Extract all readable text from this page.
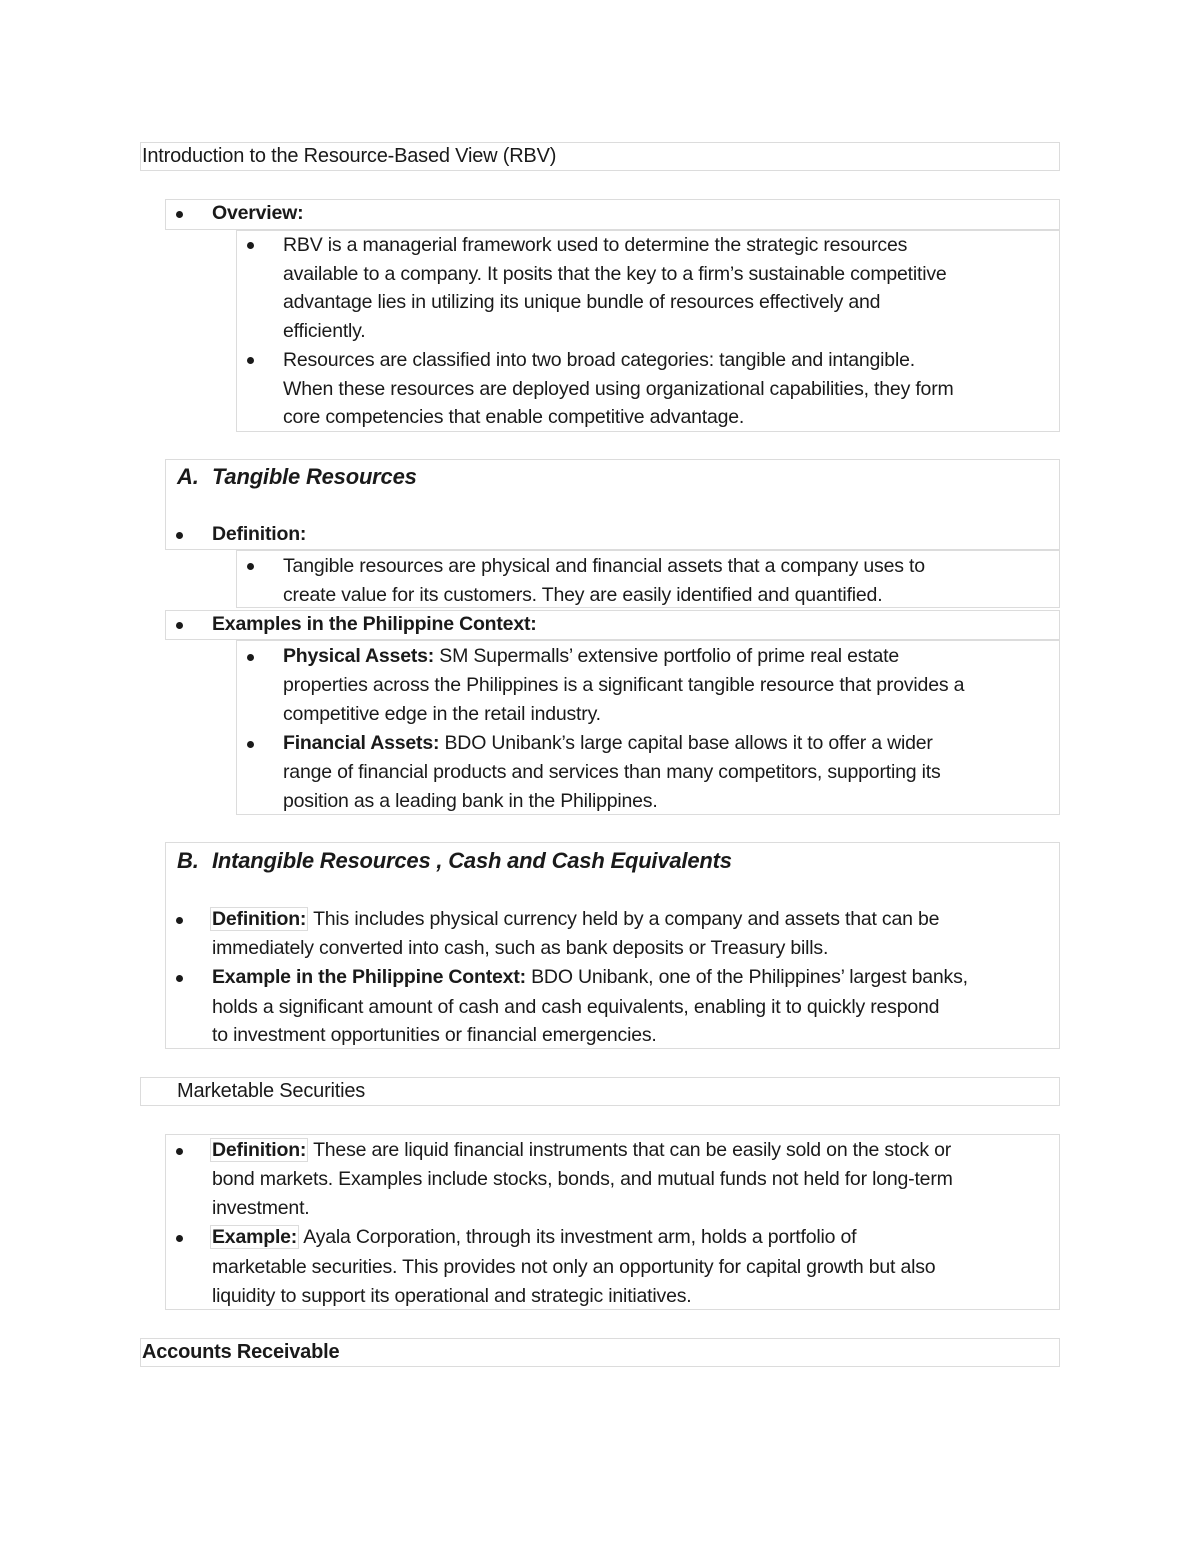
Introduction to the Resource-Based View (RBV)
Overview:
RBV is a managerial framework used to determine the strategic resources
available to a company. It posits that the key to a firm’s sustainable competitive
advantage lies in utilizing its unique bundle of resources effectively and
efficiently.
Resources are classified into two broad categories: tangible and intangible.
When these resources are deployed using organizational capabilities, they form
core competencies that enable competitive advantage.
A. Tangible Resources
Definition:
Tangible resources are physical and financial assets that a company uses to
create value for its customers. They are easily identified and quantified.
Examples in the Philippine Context:
Physical Assets: SM Supermalls’ extensive portfolio of prime real estate
properties across the Philippines is a significant tangible resource that provides a
competitive edge in the retail industry.
Financial Assets: BDO Unibank’s large capital base allows it to offer a wider
range of financial products and services than many competitors, supporting its
position as a leading bank in the Philippines.
B. Intangible Resources , Cash and Cash Equivalents
Definition: This includes physical currency held by a company and assets that can be
immediately converted into cash, such as bank deposits or Treasury bills.
Example in the Philippine Context: BDO Unibank, one of the Philippines’ largest banks,
holds a significant amount of cash and cash equivalents, enabling it to quickly respond
to investment opportunities or financial emergencies.
Marketable Securities
Definition: These are liquid financial instruments that can be easily sold on the stock or
bond markets. Examples include stocks, bonds, and mutual funds not held for long-term
investment.
Example: Ayala Corporation, through its investment arm, holds a portfolio of
marketable securities. This provides not only an opportunity for capital growth but also
liquidity to support its operational and strategic initiatives.
Accounts Receivable
